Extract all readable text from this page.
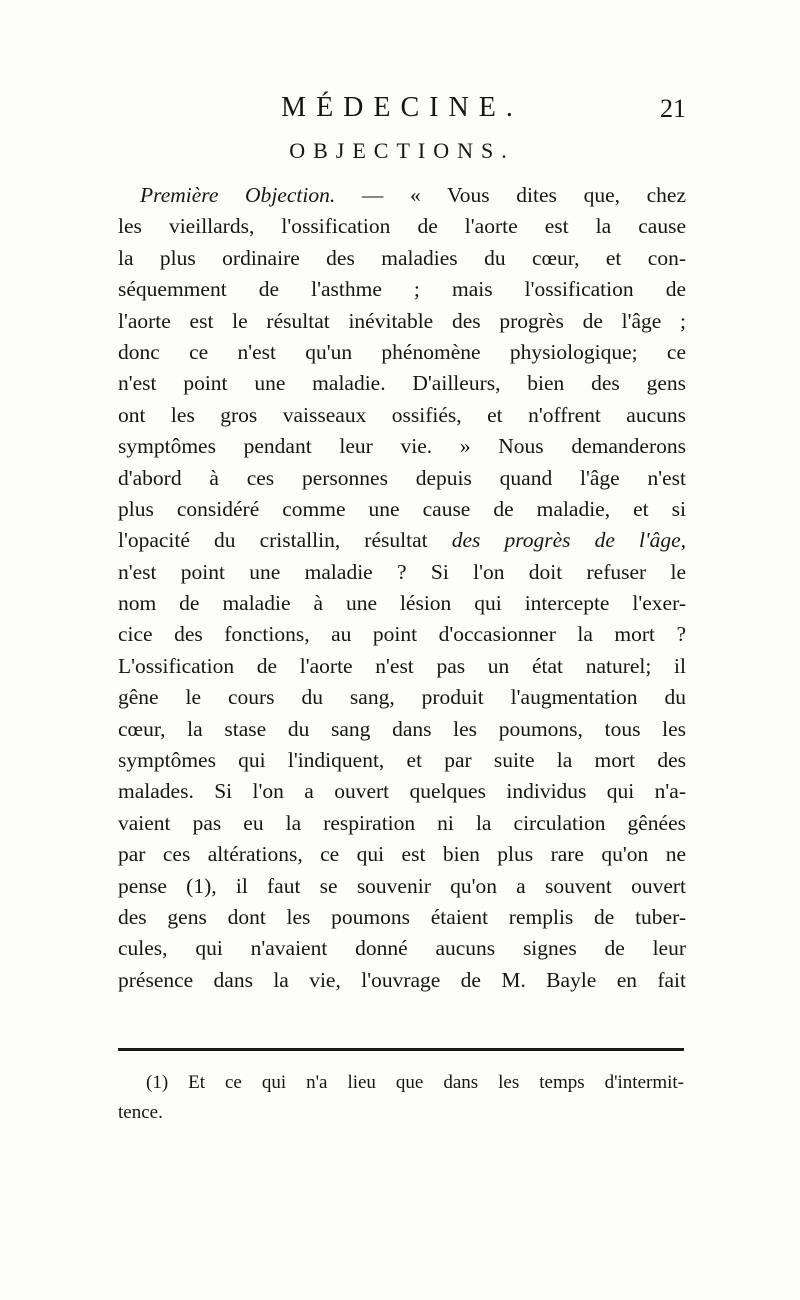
MÉDECINE.	21
OBJECTIONS.
Première Objection. — « Vous dites que, chez
les vieillards, l'ossification de l'aorte est la cause
la plus ordinaire des maladies du cœur, et con-
séquemment de l'asthme ; mais l'ossification de
l'aorte est le résultat inévitable des progrès de l'âge ;
donc ce n'est qu'un phénomène physiologique; ce
n'est point une maladie. D'ailleurs, bien des gens
ont les gros vaisseaux ossifiés, et n'offrent aucuns
symptômes pendant leur vie. » Nous demanderons
d'abord à ces personnes depuis quand l'âge n'est
plus considéré comme une cause de maladie, et si
l'opacité du cristallin, résultat des progrès de l'âge,
n'est point une maladie ? Si l'on doit refuser le
nom de maladie à une lésion qui intercepte l'exer-
cice des fonctions, au point d'occasionner la mort ?
L'ossification de l'aorte n'est pas un état naturel; il
gêne le cours du sang, produit l'augmentation du
cœur, la stase du sang dans les poumons, tous les
symptômes qui l'indiquent, et par suite la mort des
malades. Si l'on a ouvert quelques individus qui n'a-
vaient pas eu la respiration ni la circulation gênées
par ces altérations, ce qui est bien plus rare qu'on ne
pense (1), il faut se souvenir qu'on a souvent ouvert
des gens dont les poumons étaient remplis de tuber-
cules, qui n'avaient donné aucuns signes de leur
présence dans la vie, l'ouvrage de M. Bayle en fait
(1) Et ce qui n'a lieu que dans les temps d'intermit-
tence.
